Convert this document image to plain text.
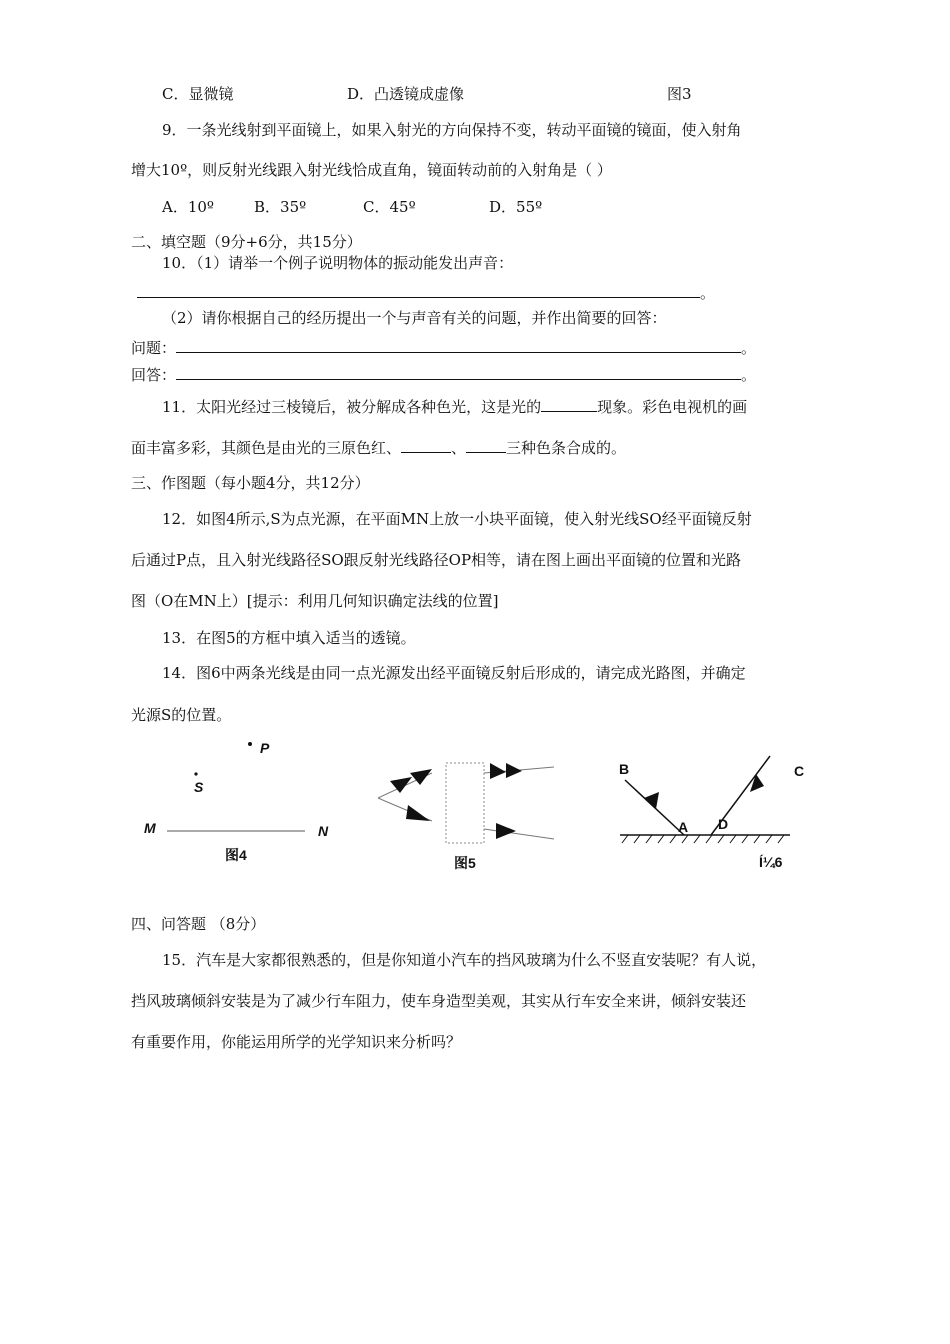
C．显微镜	D．凸透镜成虚像	图3
9．一条光线射到平面镜上，如果入射光的方向保持不变，转动平面镜的镜面，使入射角
增大10º，则反射光线跟入射光线恰成直角，镜面转动前的入射角是（ ）
A．10º	B．35º	C．45º	D．55º
二、填空题（9分+6分，共15分）
10．（1）请举一个例子说明物体的振动能发出声音：
。
（2）请你根据自己的经历提出一个与声音有关的问题，并作出简要的回答：
问题：	。
回答：	。
11．太阳光经过三棱镜后，被分解成各种色光，这是光的	现象。彩色电视机的画
面丰富多彩，其颜色是由光的三原色红、	、	三种色条合成的。
三、作图题（每小题4分，共12分）
12．如图4所示,S为点光源，在平面MN上放一小块平面镜，使入射光线SO经平面镜反射
后通过P点，且入射光线路径SO跟反射光线路径OP相等，请在图上画出平面镜的位置和光路
图（O在MN上）[提示：利用几何知识确定法线的位置]
13．在图5的方框中填入适当的透镜。
14．图6中两条光线是由同一点光源发出经平面镜反射后形成的，请完成光路图，并确定
光源S的位置。
P
S
M	N
图4	图5
B	C
A D
Í¼6
四、问答题 （8分）
15．汽车是大家都很熟悉的，但是你知道小汽车的挡风玻璃为什么不竖直安装呢？有人说，
挡风玻璃倾斜安装是为了减少行车阻力，使车身造型美观，其实从行车安全来讲，倾斜安装还
有重要作用，你能运用所学的光学知识来分析吗？
